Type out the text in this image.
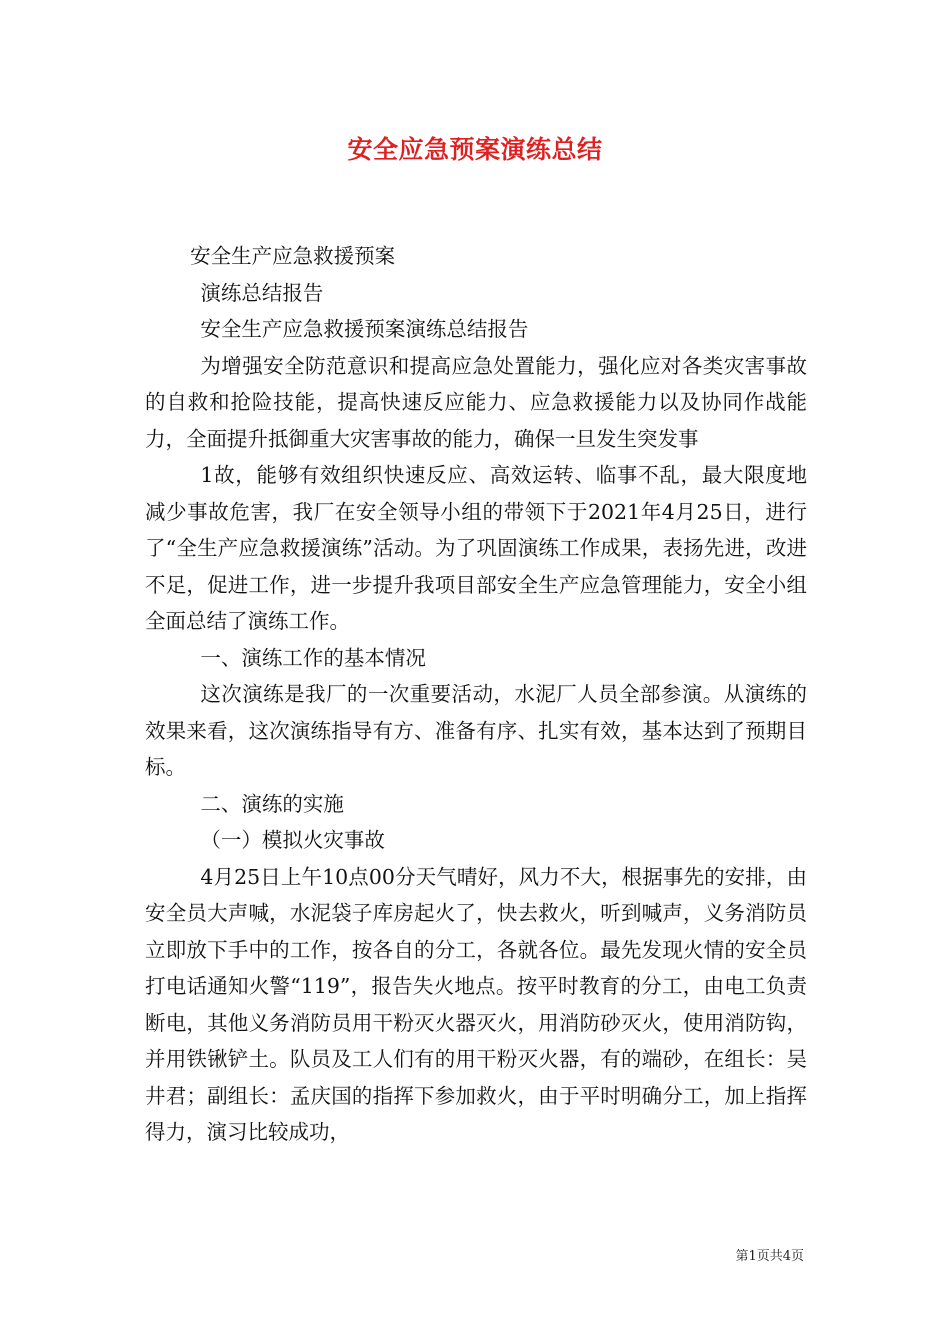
安全应急预案演练总结

安全生产应急救援预案

演练总结报告

安全生产应急救援预案演练总结报告

为增强安全防范意识和提高应急处置能力，强化应对各类灾害事故的自救和抢险技能，提高快速反应能力、应急救援能力以及协同作战能力，全面提升抵御重大灾害事故的能力，确保一旦发生突发事

1故，能够有效组织快速反应、高效运转、临事不乱，最大限度地减少事故危害，我厂在安全领导小组的带领下于2021年4月25日，进行了“全生产应急救援演练”活动。为了巩固演练工作成果，表扬先进，改进不足，促进工作，进一步提升我项目部安全生产应急管理能力，安全小组全面总结了演练工作。

一、演练工作的基本情况

这次演练是我厂的一次重要活动，水泥厂人员全部参演。从演练的效果来看，这次演练指导有方、准备有序、扎实有效，基本达到了预期目标。

二、演练的实施

（一）模拟火灾事故

4月25日上午10点00分天气晴好，风力不大，根据事先的安排，由安全员大声喊，水泥袋子库房起火了，快去救火，听到喊声，义务消防员立即放下手中的工作，按各自的分工，各就各位。最先发现火情的安全员打电话通知火警“119”，报告失火地点。按平时教育的分工，由电工负责断电，其他义务消防员用干粉灭火器灭火，用消防砂灭火，使用消防钩，并用铁锹铲土。队员及工人们有的用干粉灭火器，有的端砂，在组长：吴井君；副组长：孟庆国的指挥下参加救火，由于平时明确分工，加上指挥得力，演习比较成功，

第1页共4页
